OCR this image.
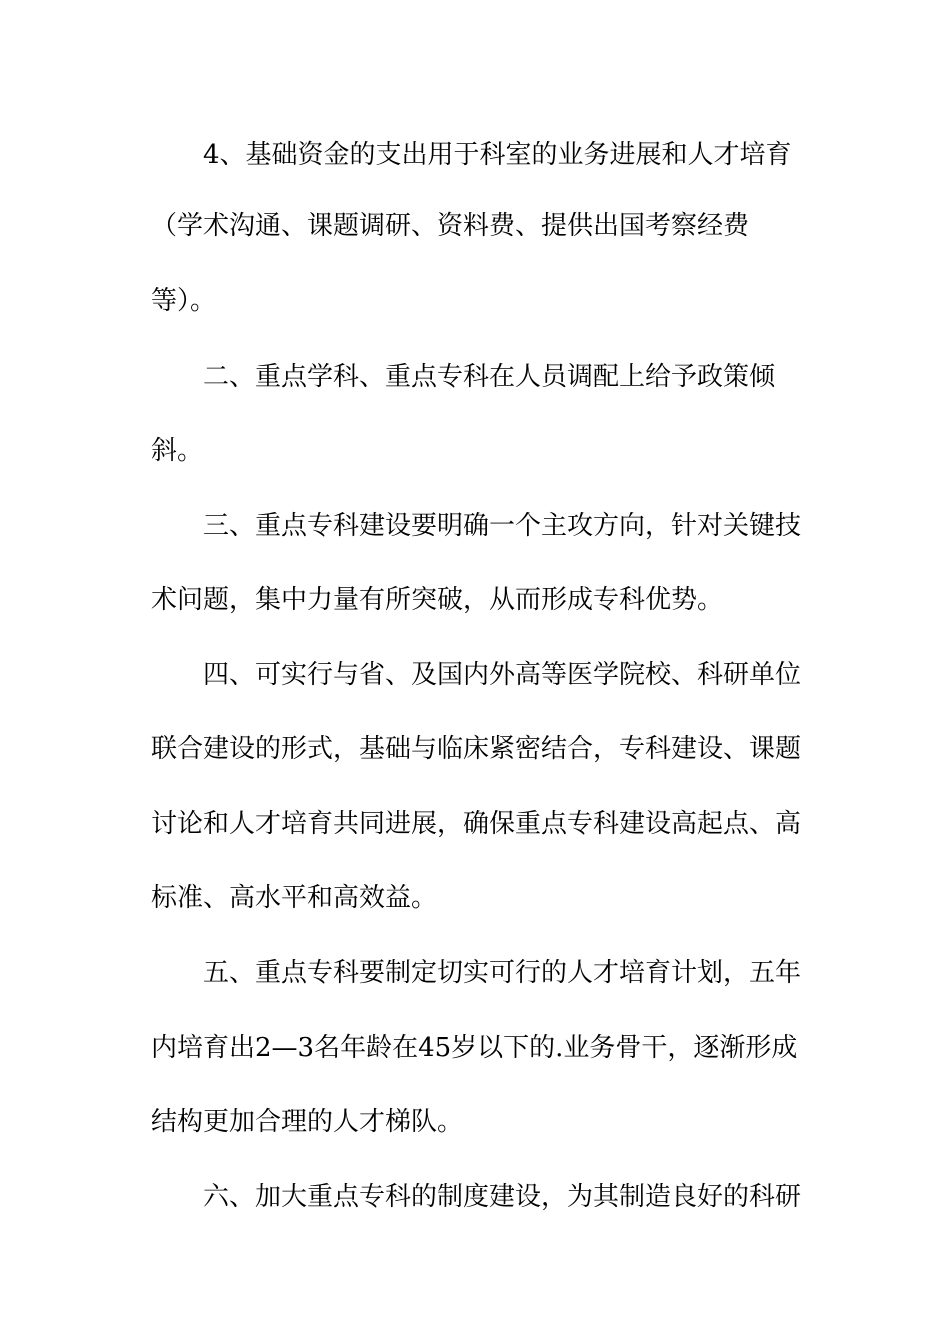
4、基础资金的支出用于科室的业务进展和人才培育
（学术沟通、课题调研、资料费、提供出国考察经费
等）。
二、重点学科、重点专科在人员调配上给予政策倾
斜。
三、重点专科建设要明确一个主攻方向，针对关键技
术问题，集中力量有所突破，从而形成专科优势。
四、可实行与省、及国内外高等医学院校、科研单位
联合建设的形式，基础与临床紧密结合，专科建设、课题
讨论和人才培育共同进展，确保重点专科建设高起点、高
标准、高水平和高效益。
五、重点专科要制定切实可行的人才培育计划，五年
内培育出2—3名年龄在45岁以下的.业务骨干，逐渐形成
结构更加合理的人才梯队。
六、加大重点专科的制度建设，为其制造良好的科研
